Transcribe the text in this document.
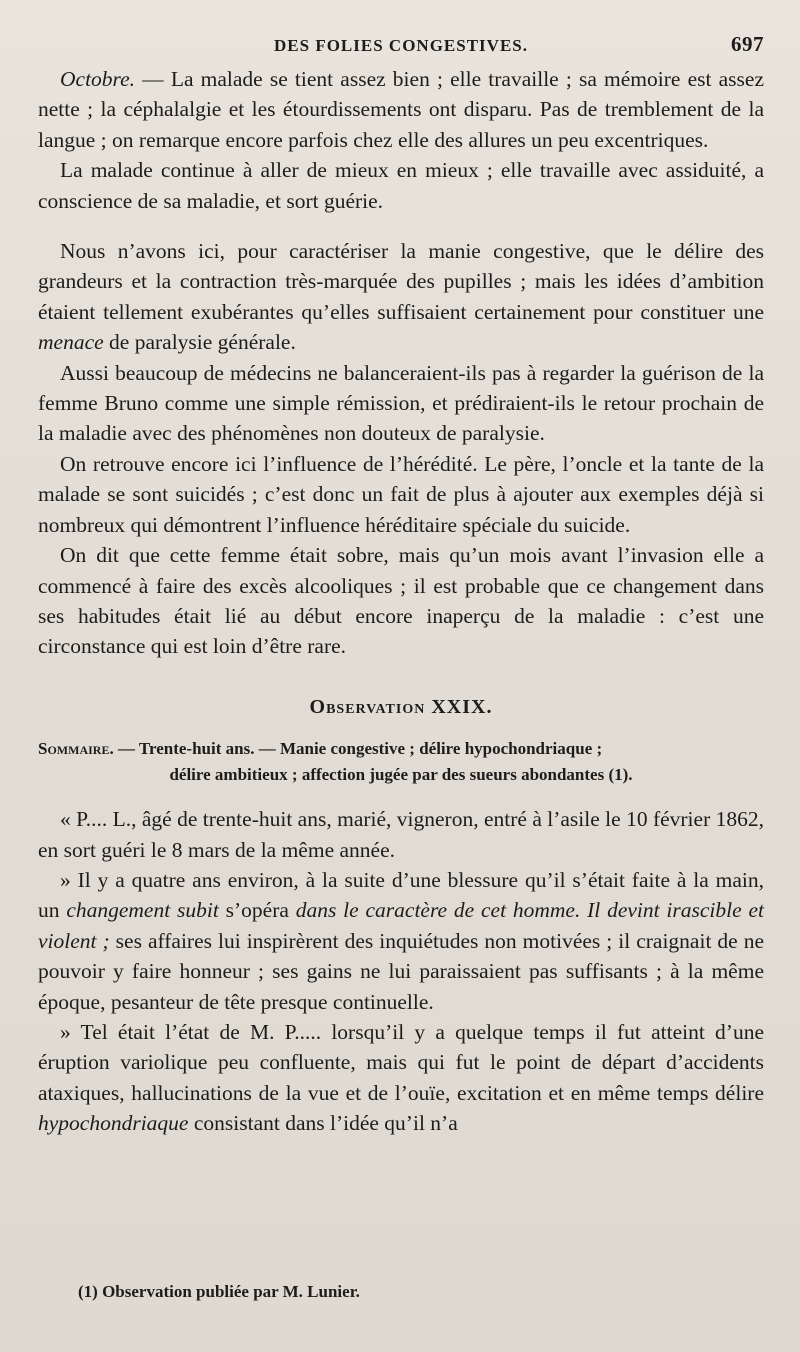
DES FOLIES CONGESTIVES.	697

Octobre. — La malade se tient assez bien ; elle travaille ; sa mémoire est assez nette ; la céphalalgie et les étourdissements ont disparu. Pas de tremblement de la langue ; on remarque encore parfois chez elle des allures un peu excentriques.

La malade continue à aller de mieux en mieux ; elle travaille avec assiduité, a conscience de sa maladie, et sort guérie.

Nous n’avons ici, pour caractériser la manie congestive, que le délire des grandeurs et la contraction très-marquée des pupilles ; mais les idées d’ambition étaient tellement exubérantes qu’elles suffisaient certainement pour constituer une menace de paralysie générale.

Aussi beaucoup de médecins ne balanceraient-ils pas à regarder la guérison de la femme Bruno comme une simple rémission, et prédiraient-ils le retour prochain de la maladie avec des phénomènes non douteux de paralysie.

On retrouve encore ici l’influence de l’hérédité. Le père, l’oncle et la tante de la malade se sont suicidés ; c’est donc un fait de plus à ajouter aux exemples déjà si nombreux qui démontrent l’influence héréditaire spéciale du suicide.

On dit que cette femme était sobre, mais qu’un mois avant l’invasion elle a commencé à faire des excès alcooliques ; il est probable que ce changement dans ses habitudes était lié au début encore inaperçu de la maladie : c’est une circonstance qui est loin d’être rare.

Observation XXIX.
Sommaire. — Trente-huit ans. — Manie congestive ; délire hypochondriaque ;
délire ambitieux ; affection jugée par des sueurs abondantes (1).

« P.... L., âgé de trente-huit ans, marié, vigneron, entré à l’asile le 10 février 1862, en sort guéri le 8 mars de la même année.

» Il y a quatre ans environ, à la suite d’une blessure qu’il s’était faite à la main, un changement subit s’opéra dans le caractère de cet homme. Il devint irascible et violent ; ses affaires lui inspirèrent des inquiétudes non motivées ; il craignait de ne pouvoir y faire honneur ; ses gains ne lui paraissaient pas suffisants ; à la même époque, pesanteur de tête presque continuelle.

» Tel était l’état de M. P..... lorsqu’il y a quelque temps il fut atteint d’une éruption variolique peu confluente, mais qui fut le point de départ d’accidents ataxiques, hallucinations de la vue et de l’ouïe, excitation et en même temps délire hypochondriaque consistant dans l’idée qu’il n’a

(1) Observation publiée par M. Lunier.
